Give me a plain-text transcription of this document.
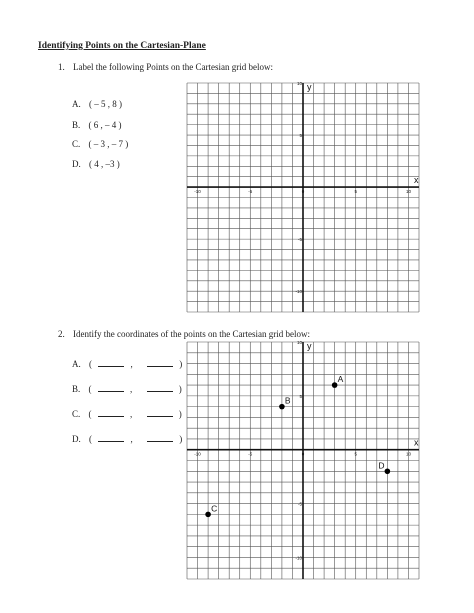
Identifying Points on the Cartesian-Plane
1. Label the following Points on the Cartesian grid below:
A. ( – 5 , 8 )
B. ( 6 , – 4 )
C. ( – 3 , – 7 )
D. ( 4 , –3 )
2. Identify the coordinates of the points on the Cartesian grid below:
A. (	,	)
B. (	,	)
C. (	,	)
D. (	,	)
x
y
-10	-5	0	5	10
10
5
-5
-10
x
y
-10	-5	0	5	10
10
5
-5
-10
A
B
C
D
